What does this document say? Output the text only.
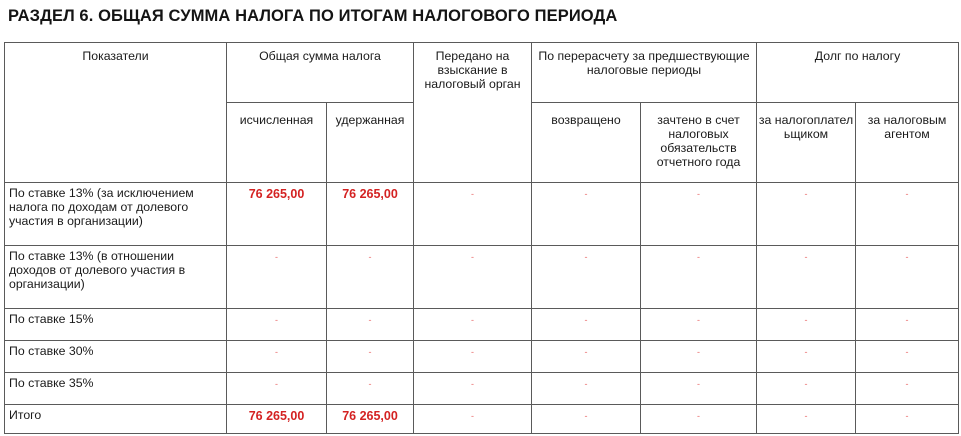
РАЗДЕЛ 6. ОБЩАЯ СУММА НАЛОГА ПО ИТОГАМ НАЛОГОВОГО ПЕРИОДА
Показатели	Общая сумма налога		Передано на взыскание в налоговый орган	По перерасчету за предшествующие налоговые периоды		Долг по налогу	
	исчисленная	удержанная		возвращено	зачтено в счет налоговых обязательств отчетного года	за налогоплател ьщиком	за налоговым агентом
По ставке 13% (за исключением налога по доходам от долевого участия в организации)	76 265,00	76 265,00	-	-	-	-	-
По ставке 13% (в отношении доходов от долевого участия в организации)	-	-	-	-	-	-	-
По ставке 15%	-	-	-	-	-	-	-
По ставке 30%	-	-	-	-	-	-	-
По ставке 35%	-	-	-	-	-	-	-
Итого	76 265,00	76 265,00	-	-	-	-	-
